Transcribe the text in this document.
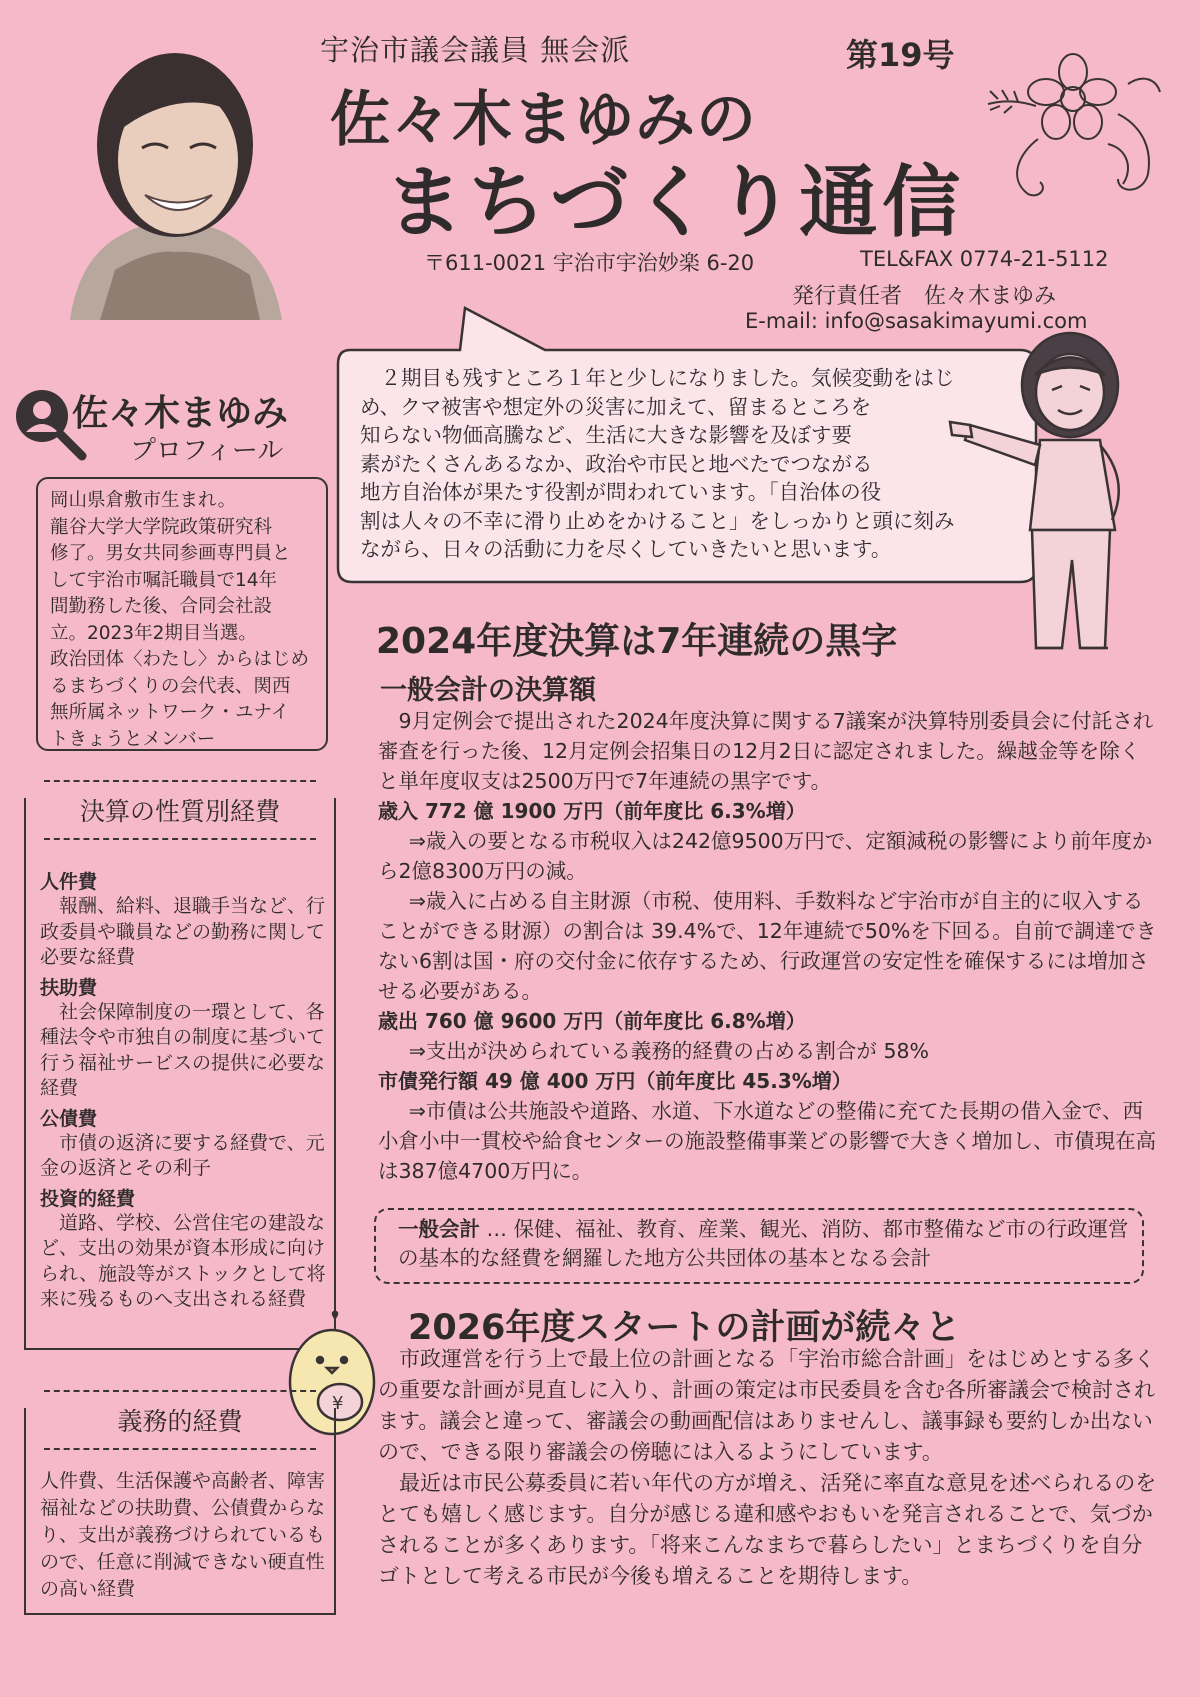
宇治市議会議員 無会派	第19号
佐々木まゆみの
まちづくり通信
〒611-0021 宇治市宇治妙楽 6-20	TEL&FAX 0774-21-5112
発行責任者　佐々木まゆみ
E-mail: info@sasakimayumi.com
　２期目も残すところ１年と少しになりました。気候変動をはじ
め、クマ被害や想定外の災害に加えて、留まるところを
知らない物価高騰など、生活に大きな影響を及ぼす要
素がたくさんあるなか、政治や市民と地べたでつながる
地方自治体が果たす役割が問われています。「自治体の役
割は人々の不幸に滑り止めをかけること」をしっかりと頭に刻み
ながら、日々の活動に力を尽くしていきたいと思います。
佐々木まゆみ
プロフィール
岡山県倉敷市生まれ。
龍谷大学大学院政策研究科
修了。男女共同参画専門員と
して宇治市嘱託職員で14年
間勤務した後、合同会社設
立。2023年2期目当選。
政治団体〈わたし〉からはじめ
るまちづくりの会代表、関西
無所属ネットワーク・ユナイ
トきょうとメンバー
決算の性質別経費
人件費
報酬、給料、退職手当など、行政委員や職員などの勤務に関して必要な経費
扶助費
社会保障制度の一環として、各種法令や市独自の制度に基づいて行う福祉サービスの提供に必要な経費
公債費
市債の返済に要する経費で、元金の返済とその利子
投資的経費
道路、学校、公営住宅の建設など、支出の効果が資本形成に向けられ、施設等がストックとして将来に残るものへ支出される経費
¥
義務的経費
人件費、生活保護や高齢者、障害福祉などの扶助費、公債費からなり、支出が義務づけられているもので、任意に削減できない硬直性の高い経費
2024年度決算は7年連続の黒字
一般会計の決算額
9月定例会で提出された2024年度決算に関する7議案が決算特別委員会に付託され審査を行った後、12月定例会招集日の12月2日に認定されました。繰越金等を除くと単年度収支は2500万円で7年連続の黒字です。
歳入 772 億 1900 万円（前年度比 6.3%増）
⇒歳入の要となる市税収入は242億9500万円で、定額減税の影響により前年度から2億8300万円の減。
⇒歳入に占める自主財源（市税、使用料、手数料など宇治市が自主的に収入することができる財源）の割合は 39.4%で、12年連続で50%を下回る。自前で調達できない6割は国・府の交付金に依存するため、行政運営の安定性を確保するには増加させる必要がある。
歳出 760 億 9600 万円（前年度比 6.8%増）
⇒支出が決められている義務的経費の占める割合が 58%
市債発行額 49 億 400 万円（前年度比 45.3%増）
⇒市債は公共施設や道路、水道、下水道などの整備に充てた長期の借入金で、西小倉小中一貫校や給食センターの施設整備事業どの影響で大きく増加し、市債現在高は387億4700万円に。
一般会計 … 保健、福祉、教育、産業、観光、消防、都市整備など市の行政運営の基本的な経費を網羅した地方公共団体の基本となる会計
2026年度スタートの計画が続々と
市政運営を行う上で最上位の計画となる「宇治市総合計画」をはじめとする多くの重要な計画が見直しに入り、計画の策定は市民委員を含む各所審議会で検討されます。議会と違って、審議会の動画配信はありませんし、議事録も要約しか出ないので、できる限り審議会の傍聴には入るようにしています。
最近は市民公募委員に若い年代の方が増え、活発に率直な意見を述べられるのをとても嬉しく感じます。自分が感じる違和感やおもいを発言されることで、気づかされることが多くあります。「将来こんなまちで暮らしたい」とまちづくりを自分ゴトとして考える市民が今後も増えることを期待します。
